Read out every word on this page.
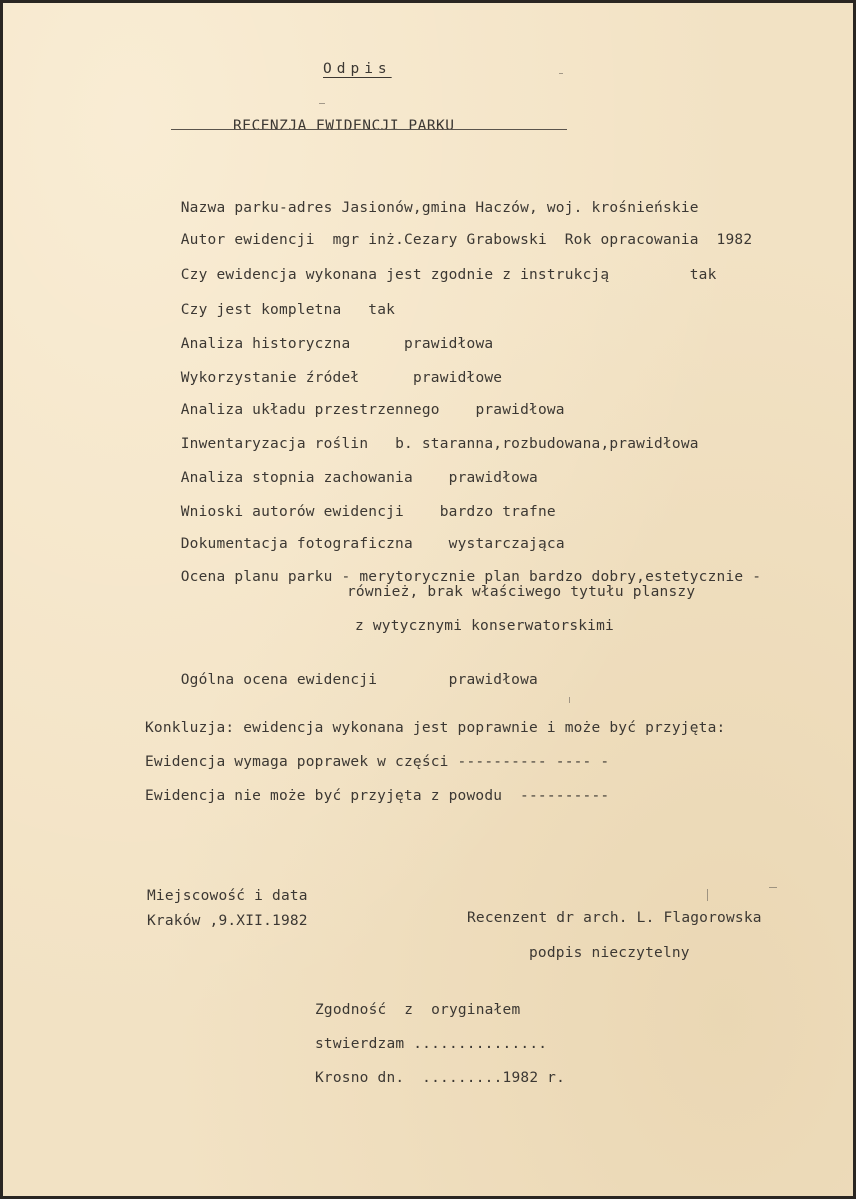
Odpis
RECENZJA EWIDENCJI PARKU

Nazwa parku-adres Jasionów,gmina Haczów, woj. krośnieńskie

Autor ewidencji mgr inż.Cezary Grabowski  Rok opracowania  1982

Czy ewidencja wykonana jest zgodnie z instrukcją	tak

Czy jest kompletna tak

Analiza historyczna	prawidłowa

Wykorzystanie źródeł	prawidłowe

Analiza układu przestrzennego prawidłowa

Inwentaryzacja roślin b. staranna,rozbudowana,prawidłowa

Analiza stopnia zachowania prawidłowa

Wnioski autorów ewidencji bardzo trafne

Dokumentacja fotograficzna wystarczająca

Ocena planu parku - merytorycznie plan bardzo dobry,estetycznie -

również, brak właściwego tytułu planszy
z wytycznymi konserwatorskimi

Ogólna ocena ewidencji	prawidłowa

Konkluzja: ewidencja wykonana jest poprawnie i może być przyjęta:
Ewidencja wymaga poprawek w części ---------- ---- -
Ewidencja nie może być przyjęta z powodu  ----------
Miejscowość i data
Kraków ,9.XII.1982	Recenzent dr arch. L. Flagorowska
podpis nieczytelny
Zgodność  z  oryginałem
stwierdzam ...............
Krosno dn.  .........1982 r.
